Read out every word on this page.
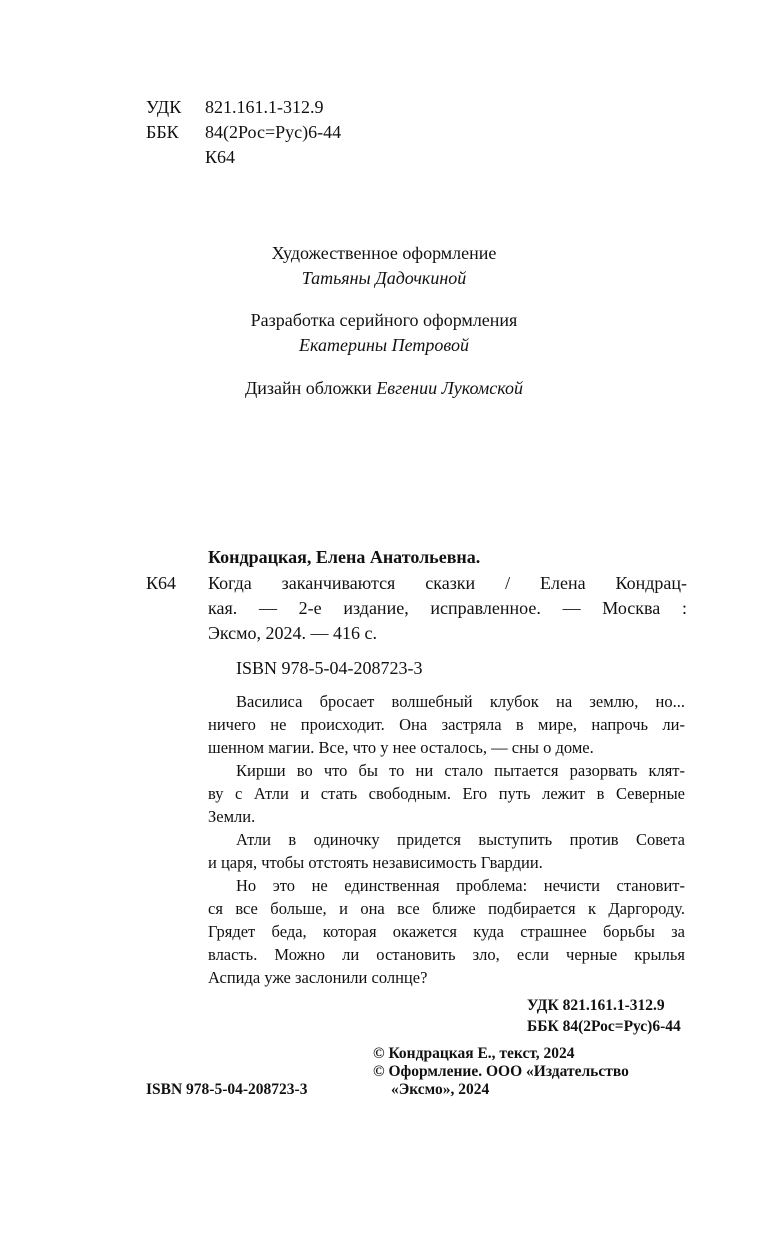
УДК 821.161.1-312.9
ББК 84(2Рос=Рус)6-44
К64
Художественное оформление
Татьяны Дадочкиной
Разработка серийного оформления
Екатерины Петровой
Дизайн обложки Евгении Лукомской
Кондрацкая, Елена Анатольевна.
К64 Когда заканчиваются сказки / Елена Кондрац-
кая. — 2-е издание, исправленное. — Москва :
Эксмо, 2024. — 416 с.
ISBN 978-5-04-208723-3
Василиса бросает волшебный клубок на землю, но...
ничего не происходит. Она застряла в мире, напрочь ли-
шенном магии. Все, что у нее осталось, — сны о доме.
Кирши во что бы то ни стало пытается разорвать клят-
ву с Атли и стать свободным. Его путь лежит в Северные
Земли.
Атли в одиночку придется выступить против Совета
и царя, чтобы отстоять независимость Гвардии.
Но это не единственная проблема: нечисти становит-
ся все больше, и она все ближе подбирается к Даргороду.
Грядет беда, которая окажется куда страшнее борьбы за
власть. Можно ли остановить зло, если черные крылья
Аспида уже заслонили солнце?
УДК 821.161.1-312.9
ББК 84(2Рос=Рус)6-44
© Кондрацкая Е., текст, 2024
© Оформление. ООО «Издательство
«Эксмо», 2024
ISBN 978-5-04-208723-3
